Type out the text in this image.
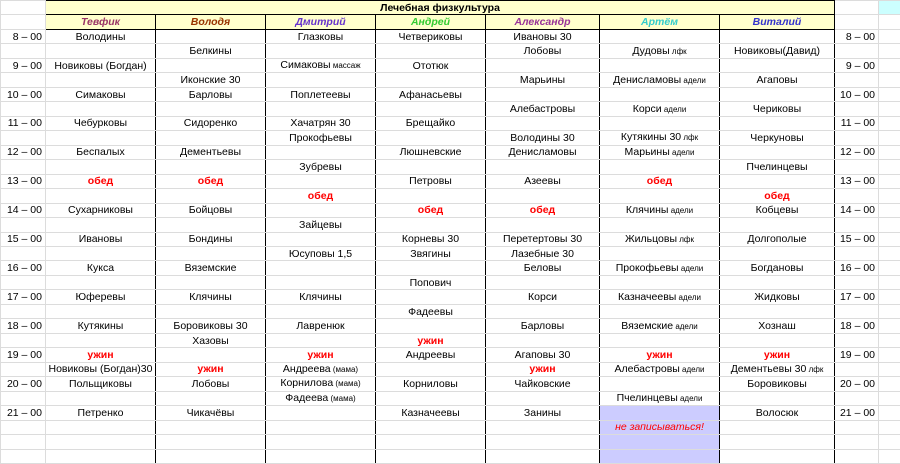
	Лечебная физкультура								
	Тевфик	Володя	Дмитрий	Андрей	Александр	Артём	Виталий		
8 – 00	Володины		Глазковы	Четвериковы	Ивановы 30			8 – 00	
		Белкины			Лобовы	Дудовы лфк	Новиковы(Давид)		
9 – 00	Новиковы (Богдан)		Симаковы массаж	Ототюк				9 – 00	
		Иконские 30			Марьины	Денисламовы адели	Агаповы		
10 – 00	Симаковы	Барловы	Поплетеевы	Афанасьевы				10 – 00	
					Алебастровы	Корси адели	Чериковы		
11 – 00	Чебурковы	Сидоренко	Хачатрян 30	Брещайко				11 – 00	
			Прокофьевы		Володины 30	Кутякины 30 лфк	Черкуновы		
12 – 00	Беспалых	Дементьевы		Люшневские	Денисламовы	Марьины адели		12 – 00	
			Зубревы				Пчелинцевы		
13 – 00	обед	обед		Петровы	Азеевы	обед		13 – 00	
			обед				обед		
14 – 00	Сухарниковы	Бойцовы		обед	обед	Клячины адели	Кобцевы	14 – 00	
			Зайцевы						
15 – 00	Ивановы	Бондины		Корневы 30	Перетертовы 30	Жильцовы лфк	Долгополые	15 – 00	
			Юсуповы 1,5	Звягины	Лазебные 30				
16 – 00	Кукса	Вяземские			Беловы	Прокофьевы адели	Богдановы	16 – 00	
				Попович					
17 – 00	Юферевы	Клячины	Клячины		Корси	Казначеевы адели	Жидковы	17 – 00	
				Фадеевы					
18 – 00	Кутякины	Боровиковы 30	Лавренюк		Барловы	Вяземские адели	Хознаш	18 – 00	
		Хазовы		ужин					
19 – 00	ужин		ужин	Андреевы	Агаповы 30	ужин	ужин	19 – 00	
	Новиковы (Богдан)30	ужин	Андреева (мама)		ужин	Алебастровы адели	Дементьевы 30 лфк		
20 – 00	Польщиковы	Лобовы	Корнилова (мама)	Корниловы	Чайковские		Боровиковы	20 – 00	
			Фадеева (мама)			Пчелинцевы адели			
21 – 00	Петренко	Чикачёвы		Казначеевы	Занины		Волосюк	21 – 00	
						не записываться!			
